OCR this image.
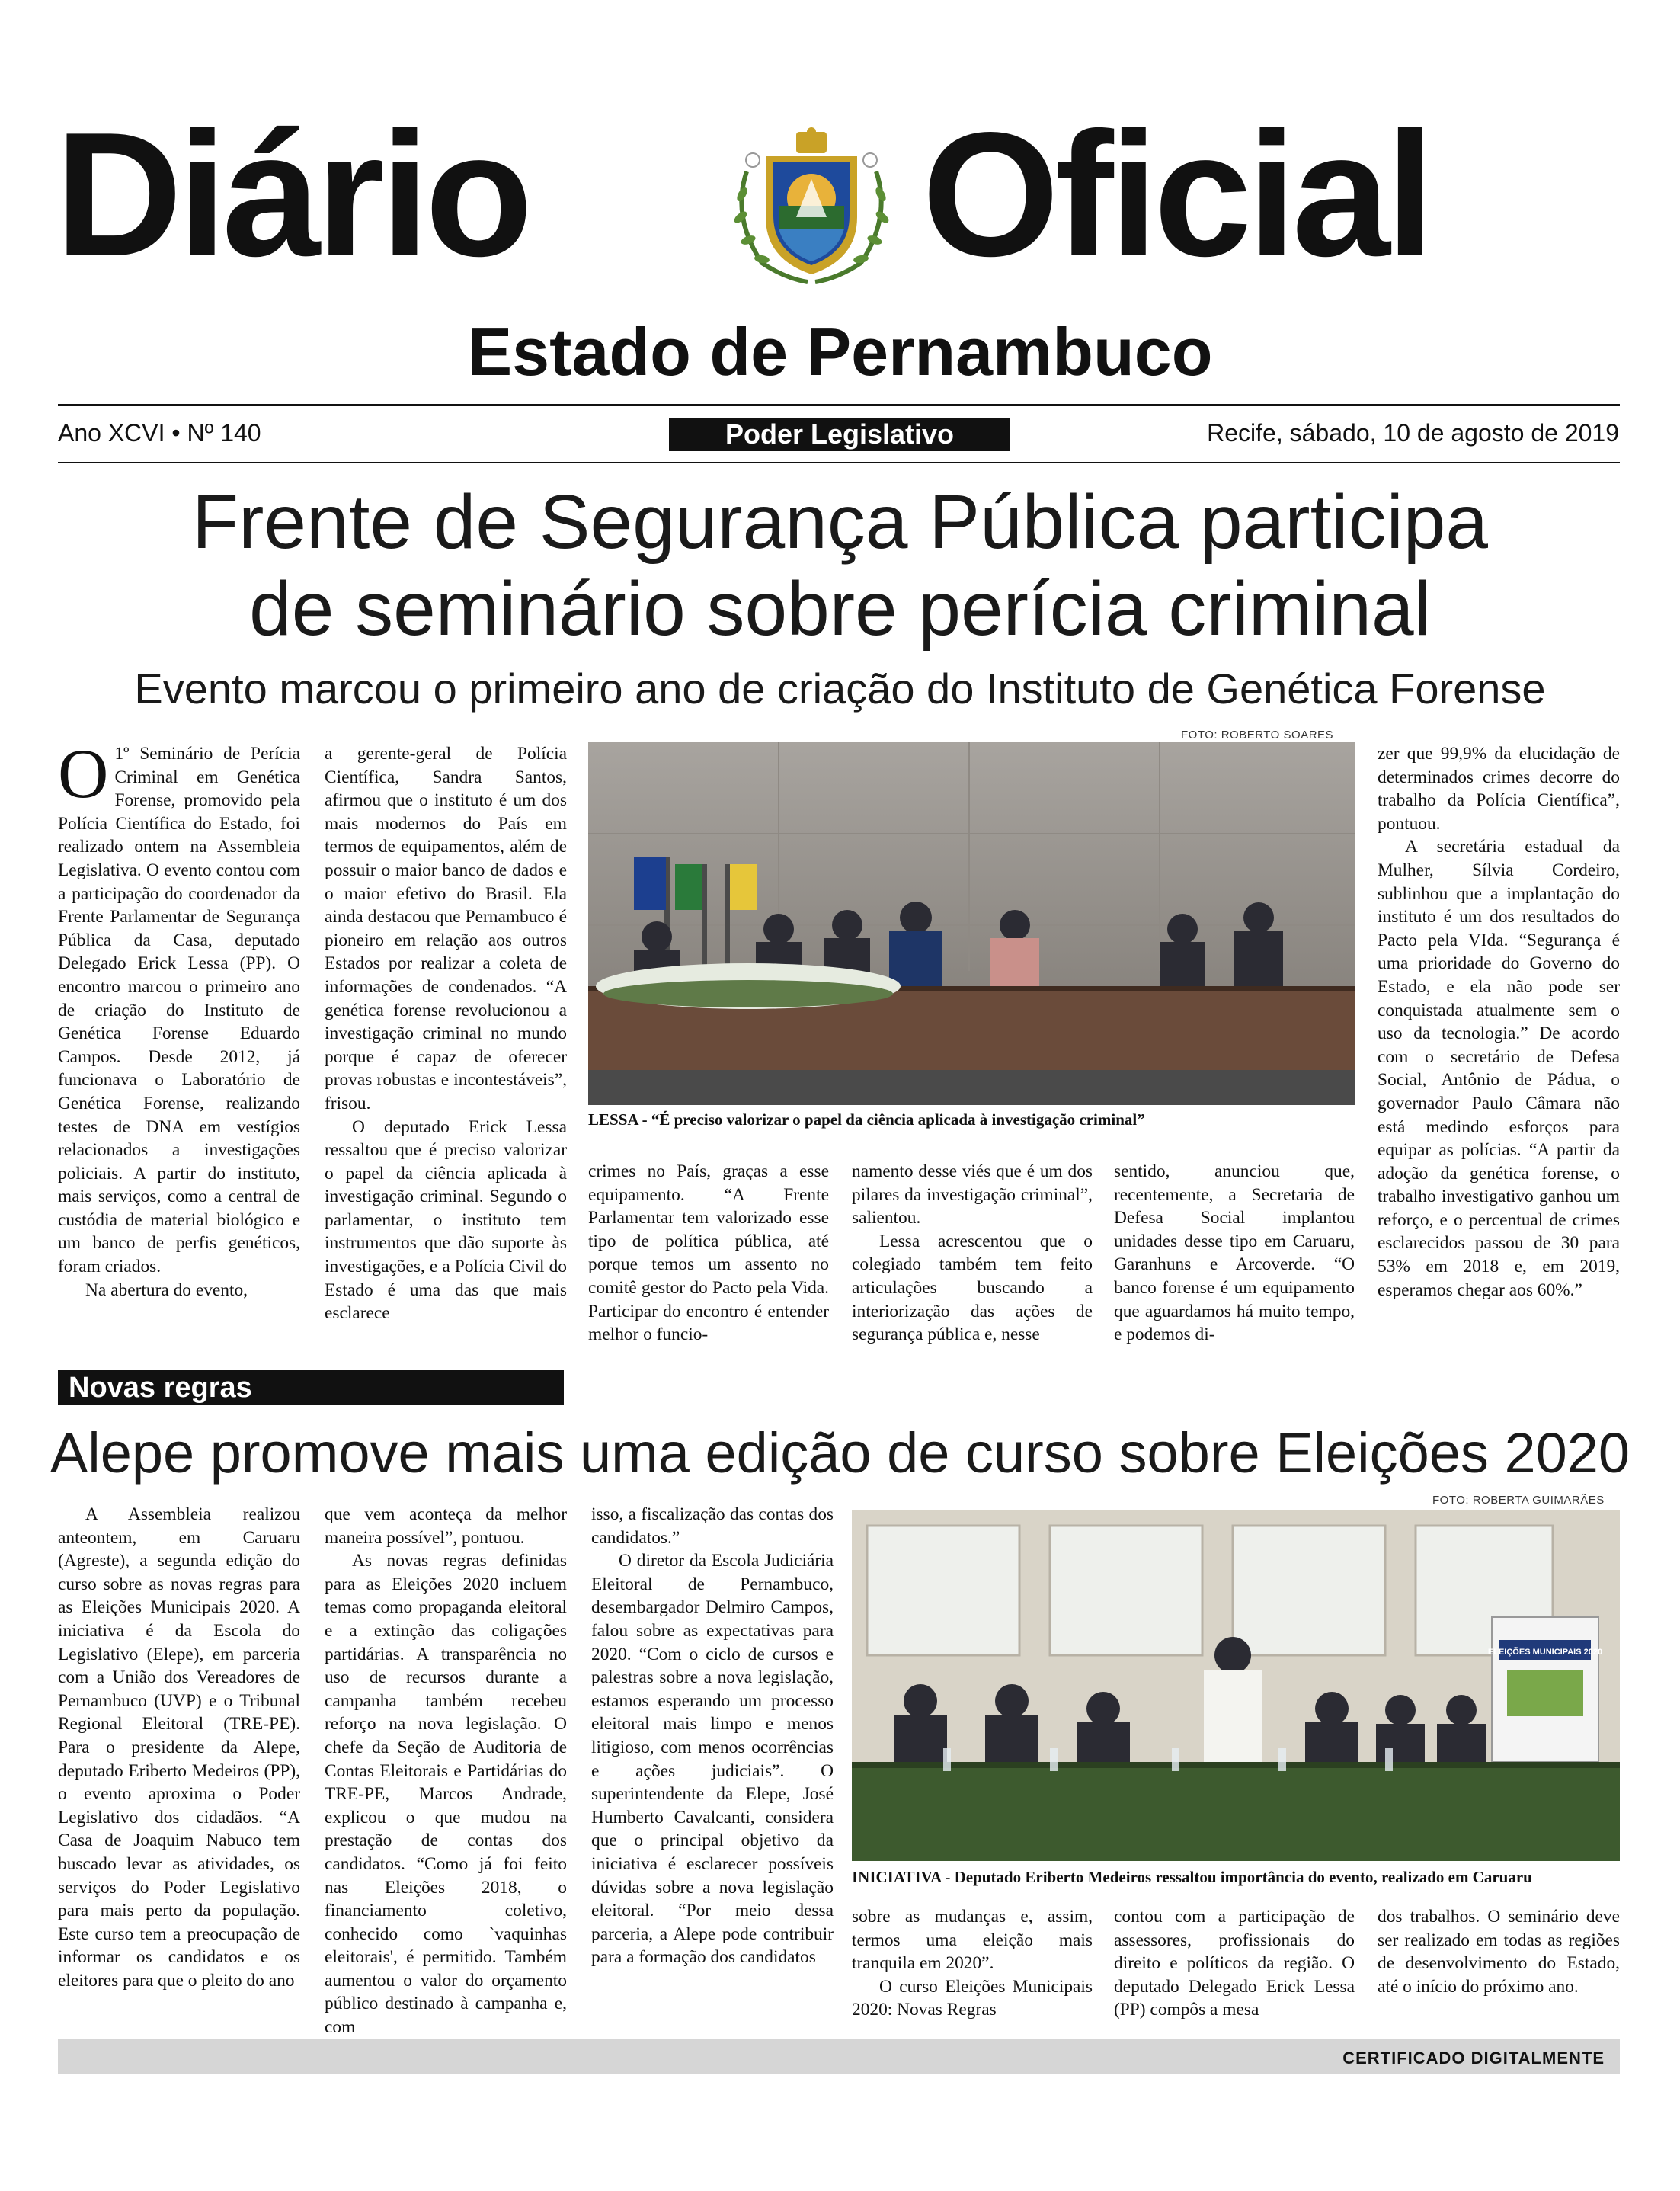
Diário Oficial
Estado de Pernambuco
Ano XCVI • Nº 140	Poder Legislativo	Recife, sábado, 10 de agosto de 2019
Frente de Segurança Pública participa
de seminário sobre perícia criminal
Evento marcou o primeiro ano de criação do Instituto de Genética Forense

O 1º Seminário de Perícia Criminal em Genética Forense, promovido pela Polícia Científica do Estado, foi realizado ontem na Assembleia Legislativa. O evento contou com a participação do coordenador da Frente Parlamentar de Segurança Pública da Casa, deputado Delegado Erick Lessa (PP). O encontro marcou o primeiro ano de criação do Instituto de Genética Forense Eduardo Campos. Desde 2012, já funcionava o Laboratório de Genética Forense, realizando testes de DNA em vestígios relacionados a investigações policiais. A partir do instituto, mais serviços, como a central de custódia de material biológico e um banco de perfis genéticos, foram criados.

Na abertura do evento,

a gerente-geral de Polícia Científica, Sandra Santos, afirmou que o instituto é um dos mais modernos do País em termos de equipamentos, além de possuir o maior banco de dados e o maior efetivo do Brasil. Ela ainda destacou que Pernambuco é pioneiro em relação aos outros Estados por realizar a coleta de informações de condenados. “A genética forense revolucionou a investigação criminal no mundo porque é capaz de oferecer provas robustas e incontestáveis”, frisou.

O deputado Erick Lessa ressaltou que é preciso valorizar o papel da ciência aplicada à investigação criminal. Segundo o parlamentar, o instituto tem instrumentos que dão suporte às investigações, e a Polícia Civil do Estado é uma das que mais esclarece

FOTO: ROBERTO SOARES
LESSA - “É preciso valorizar o papel da ciência aplicada à investigação criminal”

crimes no País, graças a esse equipamento. “A Frente Parlamentar tem valorizado esse tipo de política pública, até porque temos um assento no comitê gestor do Pacto pela Vida. Participar do encontro é entender melhor o funcio-

namento desse viés que é um dos pilares da investigação criminal”, salientou.

Lessa acrescentou que o colegiado também tem feito articulações buscando a interiorização das ações de segurança pública e, nesse

sentido, anunciou que, recentemente, a Secretaria de Defesa Social implantou unidades desse tipo em Caruaru, Garanhuns e Arcoverde. “O banco forense é um equipamento que aguardamos há muito tempo, e podemos di-

zer que 99,9% da elucidação de determinados crimes decorre do trabalho da Polícia Científica”, pontuou.

A secretária estadual da Mulher, Sílvia Cordeiro, sublinhou que a implantação do instituto é um dos resultados do Pacto pela VIda. “Segurança é uma prioridade do Governo do Estado, e ela não pode ser conquistada atualmente sem o uso da tecnologia.” De acordo com o secretário de Defesa Social, Antônio de Pádua, o governador Paulo Câmara não está medindo esforços para equipar as polícias. “A partir da adoção da genética forense, o trabalho investigativo ganhou um reforço, e o percentual de crimes esclarecidos passou de 30 para 53% em 2018 e, em 2019, esperamos chegar aos 60%.”

Novas regras
Alepe promove mais uma edição de curso sobre Eleições 2020
FOTO: ROBERTA GUIMARÃES

A Assembleia realizou anteontem, em Caruaru (Agreste), a segunda edição do curso sobre as novas regras para as Eleições Municipais 2020. A iniciativa é da Escola do Legislativo (Elepe), em parceria com a União dos Vereadores de Pernambuco (UVP) e o Tribunal Regional Eleitoral (TRE-PE). Para o presidente da Alepe, deputado Eriberto Medeiros (PP), o evento aproxima o Poder Legislativo dos cidadãos. “A Casa de Joaquim Nabuco tem buscado levar as atividades, os serviços do Poder Legislativo para mais perto da população. Este curso tem a preocupação de informar os candidatos e os eleitores para que o pleito do ano

que vem aconteça da melhor maneira possível”, pontuou.

As novas regras definidas para as Eleições 2020 incluem temas como propaganda eleitoral e a extinção das coligações partidárias. A transparência no uso de recursos durante a campanha também recebeu reforço na nova legislação. O chefe da Seção de Auditoria de Contas Eleitorais e Partidárias do TRE-PE, Marcos Andrade, explicou o que mudou na prestação de contas dos candidatos. “Como já foi feito nas Eleições 2018, o financiamento coletivo, conhecido como `vaquinhas eleitorais', é permitido. Também aumentou o valor do orçamento público destinado à campanha e, com

isso, a fiscalização das contas dos candidatos.”

O diretor da Escola Judiciária Eleitoral de Pernambuco, desembargador Delmiro Campos, falou sobre as expectativas para 2020. “Com o ciclo de cursos e palestras sobre a nova legislação, estamos esperando um processo eleitoral mais limpo e menos litigioso, com menos ocorrências e ações judiciais”. O superintendente da Elepe, José Humberto Cavalcanti, considera que o principal objetivo da iniciativa é esclarecer possíveis dúvidas sobre a nova legislação eleitoral. “Por meio dessa parceria, a Alepe pode contribuir para a formação dos candidatos

ELEIÇÕES MUNICIPAIS 2020
INICIATIVA - Deputado Eriberto Medeiros ressaltou importância do evento, realizado em Caruaru

sobre as mudanças e, assim, termos uma eleição mais tranquila em 2020”.

O curso Eleições Municipais 2020: Novas Regras

contou com a participação de assessores, profissionais do direito e políticos da região. O deputado Delegado Erick Lessa (PP) compôs a mesa

dos trabalhos. O seminário deve ser realizado em todas as regiões de desenvolvimento do Estado, até o início do próximo ano.

CERTIFICADO DIGITALMENTE
